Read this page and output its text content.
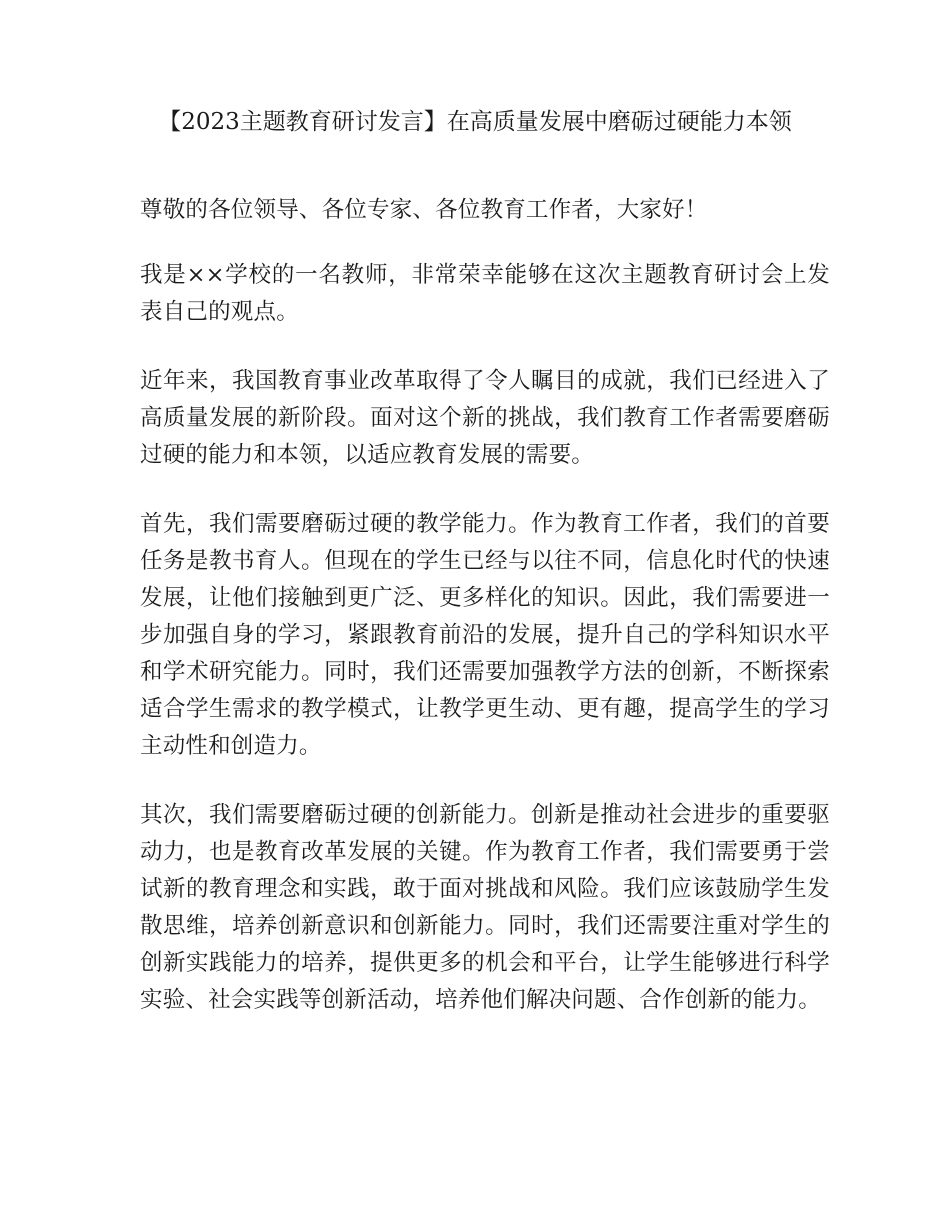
【2023主题教育研讨发言】在高质量发展中磨砺过硬能力本领

尊敬的各位领导、各位专家、各位教育工作者，大家好！

我是××学校的一名教师，非常荣幸能够在这次主题教育研讨会上发表自己的观点。

近年来，我国教育事业改革取得了令人瞩目的成就，我们已经进入了高质量发展的新阶段。面对这个新的挑战，我们教育工作者需要磨砺过硬的能力和本领，以适应教育发展的需要。

首先，我们需要磨砺过硬的教学能力。作为教育工作者，我们的首要任务是教书育人。但现在的学生已经与以往不同，信息化时代的快速发展，让他们接触到更广泛、更多样化的知识。因此，我们需要进一步加强自身的学习，紧跟教育前沿的发展，提升自己的学科知识水平和学术研究能力。同时，我们还需要加强教学方法的创新，不断探索适合学生需求的教学模式，让教学更生动、更有趣，提高学生的学习主动性和创造力。

其次，我们需要磨砺过硬的创新能力。创新是推动社会进步的重要驱动力，也是教育改革发展的关键。作为教育工作者，我们需要勇于尝试新的教育理念和实践，敢于面对挑战和风险。我们应该鼓励学生发散思维，培养创新意识和创新能力。同时，我们还需要注重对学生的创新实践能力的培养，提供更多的机会和平台，让学生能够进行科学实验、社会实践等创新活动，培养他们解决问题、合作创新的能力。
